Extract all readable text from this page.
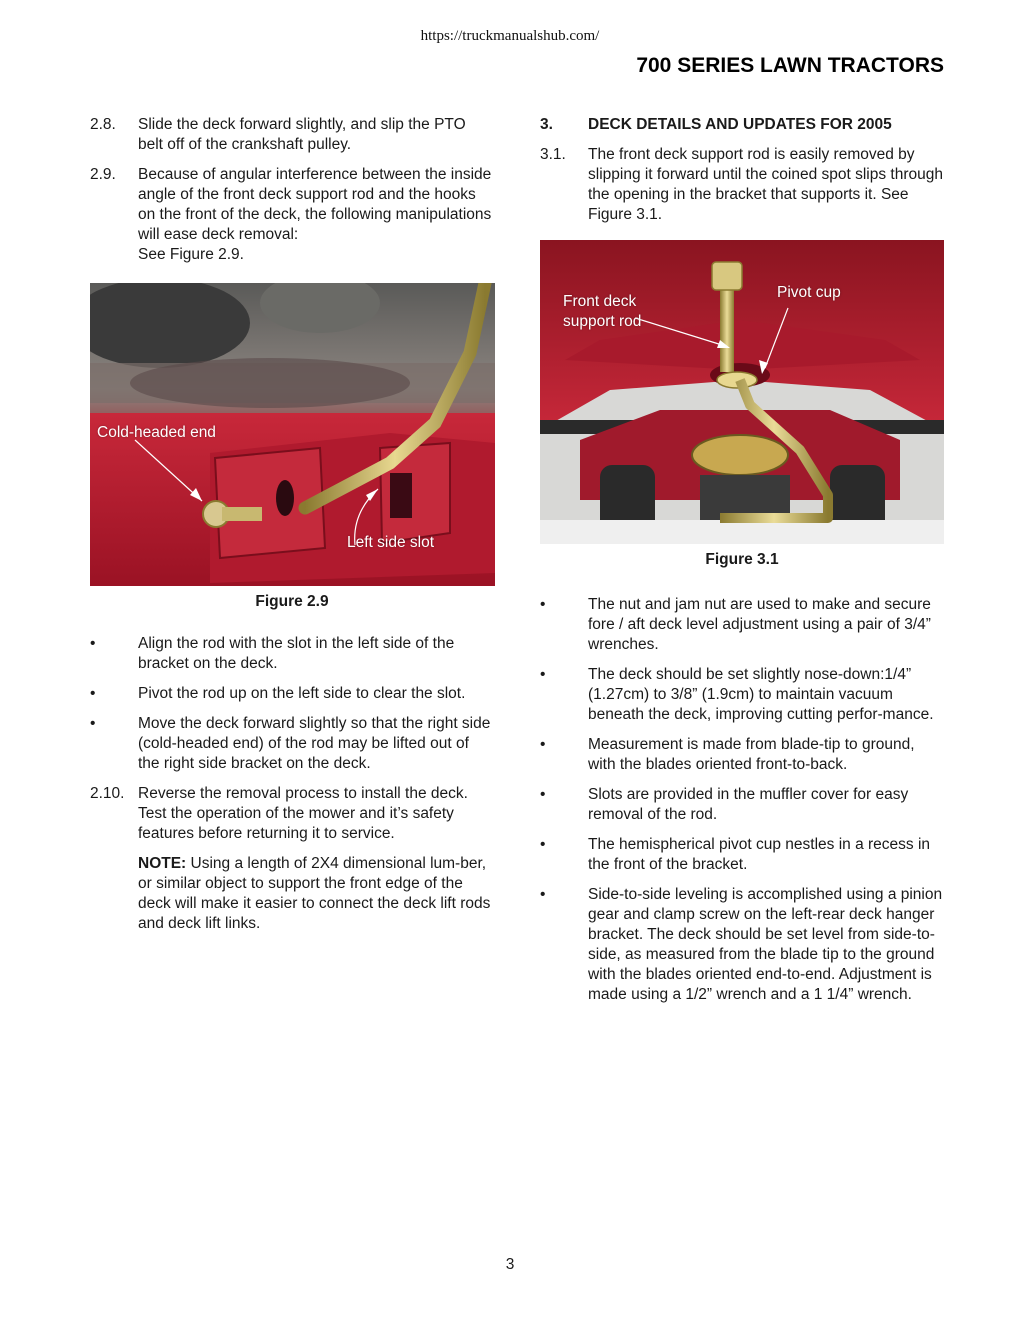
https://truckmanualshub.com/
700 SERIES LAWN TRACTORS
2.8.	Slide the deck forward slightly, and slip the PTO belt off of the crankshaft pulley.
2.9.	Because of angular interference between the inside angle of the front deck support rod and the hooks on the front of the deck, the following manipulations will ease deck removal:
See Figure 2.9.
Cold-headed end
Left side slot
Figure 2.9
•	Align the rod with the slot in the left side of the bracket on the deck.
•	Pivot the rod up on the left side to clear the slot.
•	Move the deck forward slightly so that the right side (cold-headed end) of the rod may be lifted out of the right side bracket on the deck.
2.10. Reverse the removal process to install the deck. Test the operation of the mower and it’s safety features before returning it to service.
NOTE: Using a length of 2X4 dimensional lum-ber, or similar object to support the front edge of the deck will make it easier to connect the deck lift rods and deck lift links.
3.	DECK DETAILS AND UPDATES FOR 2005
3.1.	The front deck support rod is easily removed by slipping it forward until the coined spot slips through the opening in the bracket that supports it. See Figure 3.1.
Front deck
support rod
Pivot cup
Figure 3.1
•	The nut and jam nut are used to make and secure fore / aft deck level adjustment using a pair of 3/4” wrenches.
•	The deck should be set slightly nose-down:1/4” (1.27cm) to 3/8” (1.9cm) to maintain vacuum beneath the deck, improving cutting perfor-mance.
•	Measurement is made from blade-tip to ground, with the blades oriented front-to-back.
•	Slots are provided in the muffler cover for easy removal of the rod.
•	The hemispherical pivot cup nestles in a recess in the front of the bracket.
•	Side-to-side leveling is accomplished using a pinion gear and clamp screw on the left-rear deck hanger bracket. The deck should be set level from side-to-side, as measured from the blade tip to the ground with the blades oriented end-to-end. Adjustment is made using a 1/2” wrench and a 1 1/4” wrench.
3
